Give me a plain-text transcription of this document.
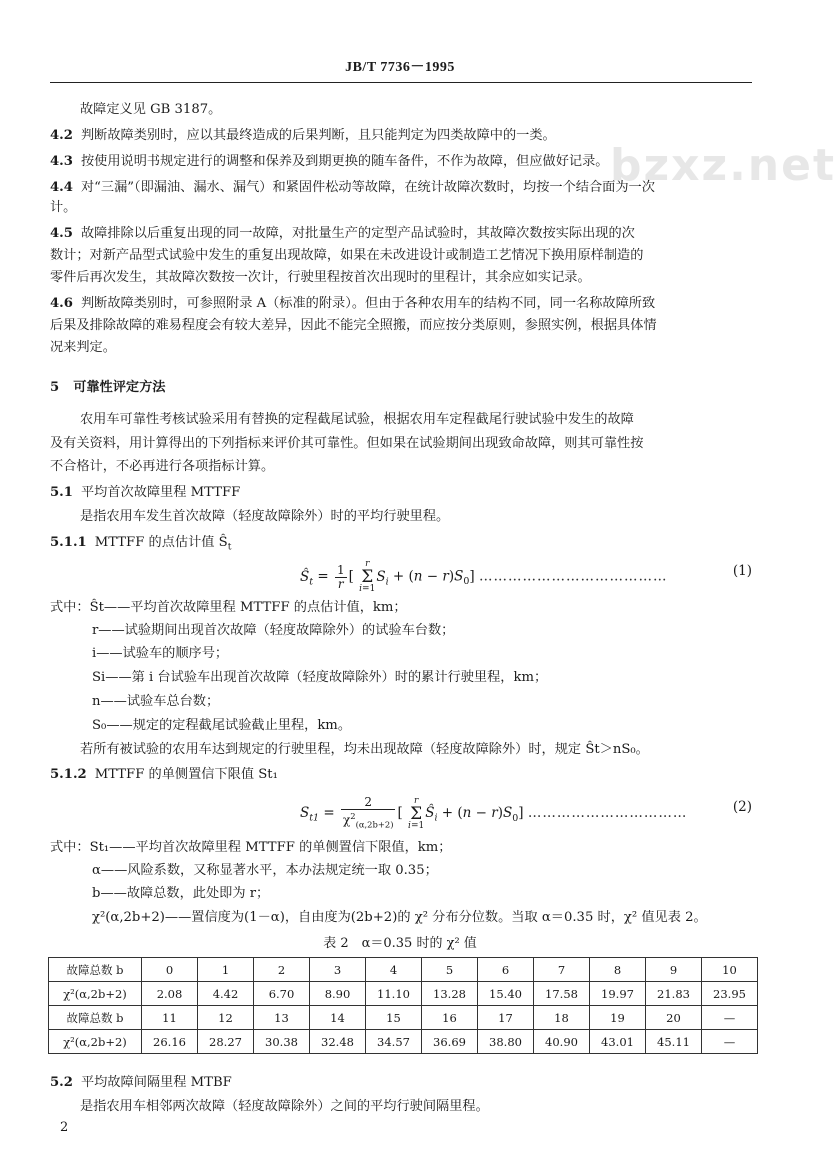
JB/T 7736－1995
bzxz.net
故障定义见 GB 3187。
4.2 判断故障类别时，应以其最终造成的后果判断，且只能判定为四类故障中的一类。
4.3 按使用说明书规定进行的调整和保养及到期更换的随车备件，不作为故障，但应做好记录。
4.4 对“三漏”（即漏油、漏水、漏气）和紧固件松动等故障，在统计故障次数时，均按一个结合面为一次
计。
4.5 故障排除以后重复出现的同一故障，对批量生产的定型产品试验时，其故障次数按实际出现的次
数计；对新产品型式试验中发生的重复出现故障，如果在未改进设计或制造工艺情况下换用原样制造的
零件后再次发生，其故障次数按一次计，行驶里程按首次出现时的里程计，其余应如实记录。
4.6 判断故障类别时，可参照附录 A（标准的附录）。但由于各种农用车的结构不同，同一名称故障所致
后果及排除故障的难易程度会有较大差异，因此不能完全照搬，而应按分类原则，参照实例，根据具体情
况来判定。
5 可靠性评定方法
农用车可靠性考核试验采用有替换的定程截尾试验，根据农用车定程截尾行驶试验中发生的故障
及有关资料，用计算得出的下列指标来评价其可靠性。但如果在试验期间出现致命故障，则其可靠性按
不合格计，不必再进行各项指标计算。
5.1 平均首次故障里程 MTTFF
是指农用车发生首次故障（轻度故障除外）时的平均行驶里程。
5.1.1 MTTFF 的点估计值 $Ŝ_t$
$Ŝ_t = \frac{1}{r}$ [ r
Σ
$i=1S_i + (n - r)S_0$] …………………………………	(1)
式中：Ŝt——平均首次故障里程 MTTFF 的点估计值，km；
r——试验期间出现首次故障（轻度故障除外）的试验车台数；
i——试验车的顺序号；
Si——第 i 台试验车出现首次故障（轻度故障除外）时的累计行驶里程，km；
n——试验车总台数；
S₀——规定的定程截尾试验截止里程，km。
若所有被试验的农用车达到规定的行驶里程，均未出现故障（轻度故障除外）时，规定 Ŝt＞nS₀。
5.1.2 MTTFF 的单侧置信下限值 St₁
$S_{t1} = \frac{2}{\chi^2_{(\alpha,2b+2)}}$ [ r
Σ
$i=1Ŝ_i + (n - r)S_0$] ……………………………	(2)
式中：St₁——平均首次故障里程 MTTFF 的单侧置信下限值，km；
α——风险系数，又称显著水平，本办法规定统一取 0.35；
b——故障总数，此处即为 r；
χ²(α,2b+2)——置信度为(1－α)，自由度为(2b+2)的 χ² 分布分位数。当取 α＝0.35 时，χ² 值见表 2。
表 2　α＝0.35 时的 χ² 值
故障总数 b	0	1	2	3	4	5	6	7	8	9	10
χ²(α,2b+2)	2.08	4.42	6.70	8.90	11.10	13.28	15.40	17.58	19.97	21.83	23.95
故障总数 b	11	12	13	14	15	16	17	18	19	20	—
χ²(α,2b+2)	26.16	28.27	30.38	32.48	34.57	36.69	38.80	40.90	43.01	45.11	—
5.2 平均故障间隔里程 MTBF
是指农用车相邻两次故障（轻度故障除外）之间的平均行驶间隔里程。
2
